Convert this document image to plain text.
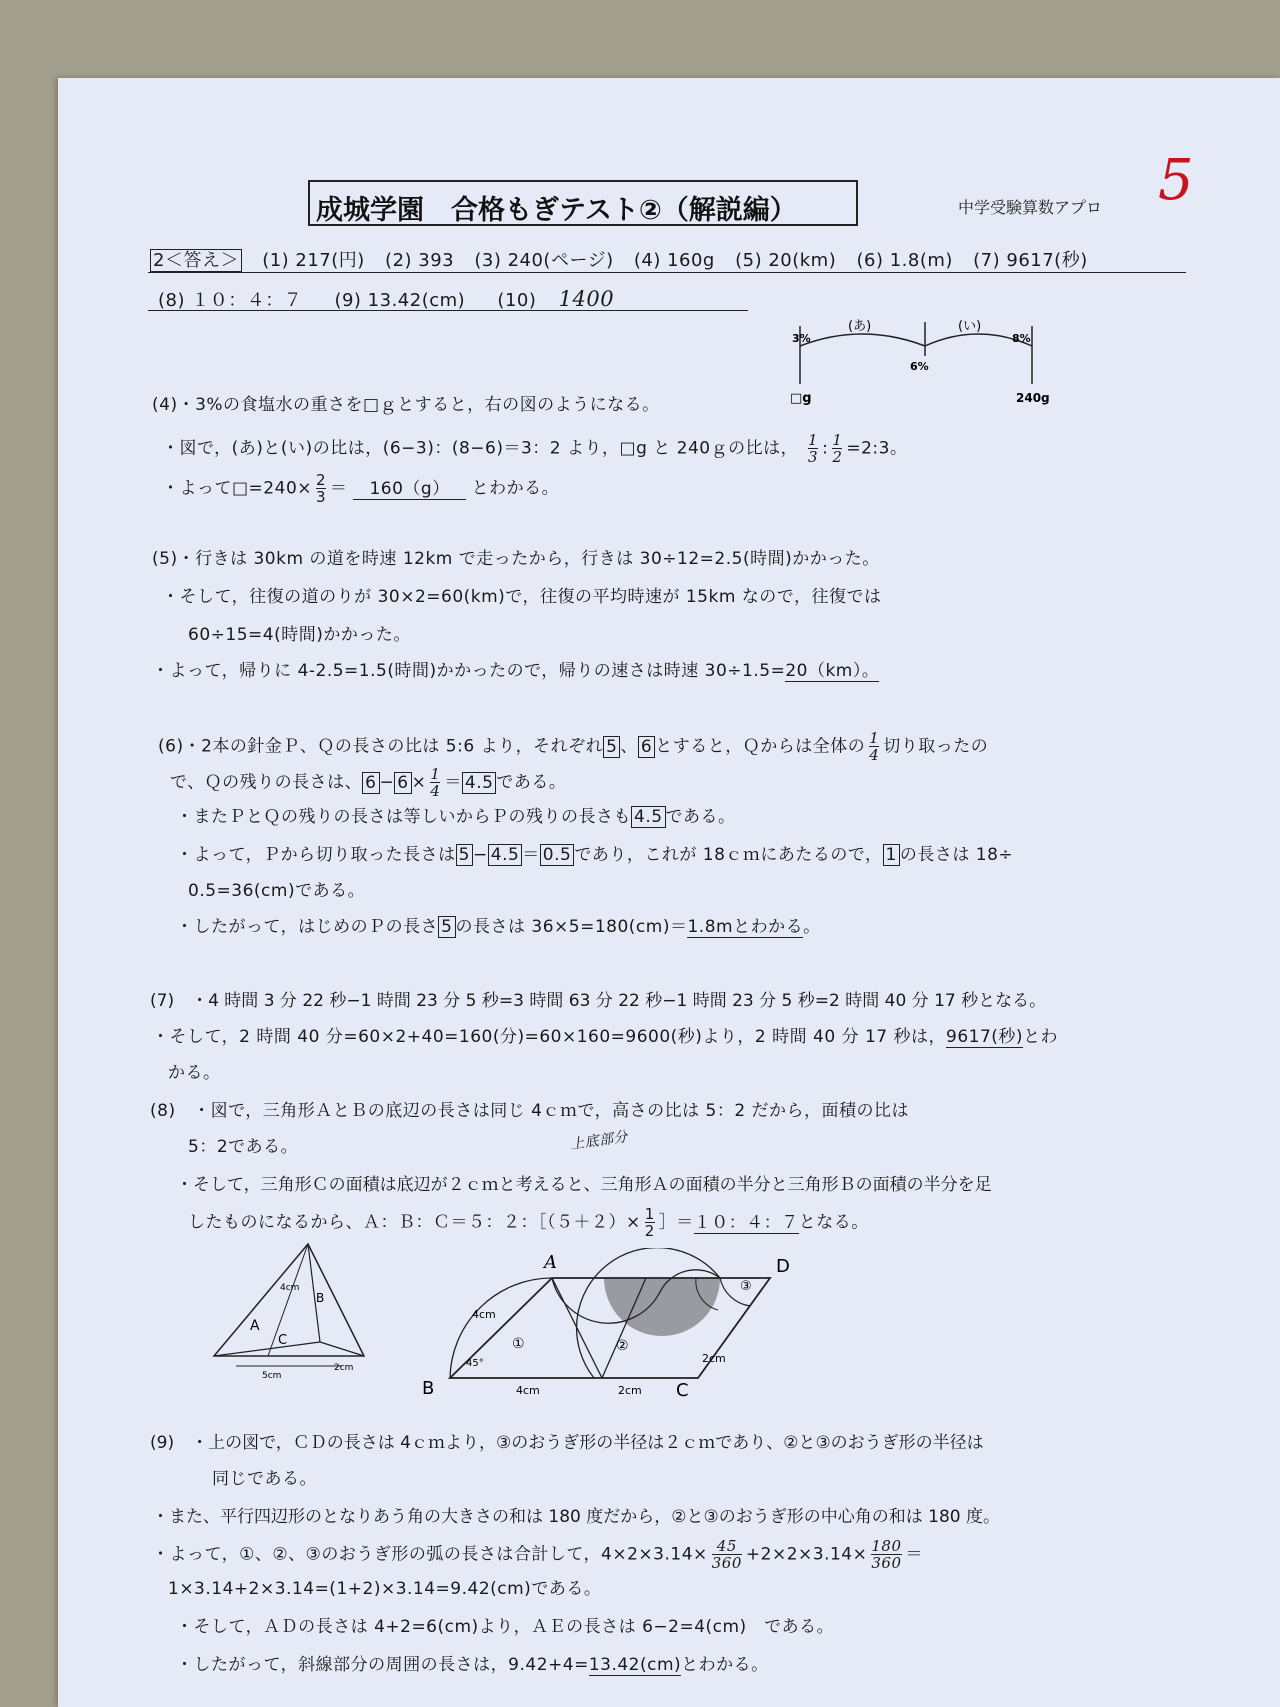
成城学園　合格もぎテスト②（解説編）	中学受験算数アプロ 5
2＜答え＞ (1) 217(円) (2) 393 (3) 240(ページ) (4) 160g (5) 20(km) (6) 1.8(m) (7) 9617(秒)
(8) １０：４：７ (9) 13.42(cm) (10) 1400
3%
6%
8%
(あ)	(い)
□g	240g
(4)・3%の食塩水の重さを□ｇとすると，右の図のようになる。
・図で，(あ)と(い)の比は，(6−3)：(8−6)＝3：2 より，□g と 240ｇの比は， $\frac{1}{3}$ : $\frac{1}{2}$ =2:3。
・よって□=240× $\frac{2}{3} = 160(g)$ とわかる。
(5)・行きは 30km の道を時速 12km で走ったから，行きは 30÷12=2.5(時間)かかった。
・そして，往復の道のりが 30×2=60(km)で，往復の平均時速が 15km なので，往復では
60÷15=4(時間)かかった。
・よって，帰りに 4-2.5=1.5(時間)かかったので，帰りの速さは時速 30÷1.5=20（km）。
(6)・2本の針金Ｐ、Ｑの長さの比は 5:6 より，それぞれ 5 、 6 とすると，Ｑからは全体の $\frac{1}{4}$ 切り取ったの
で、Ｑの残りの長さは、 $6 - 6 \times \frac{1}{4} = 4.5$ である。
・またＰとＱの残りの長さは等しいからＰの残りの長さも 4.5 である。
・よって，Ｐから切り取った長さは 5 − 4.5 ＝ 0.5 であり，これが 18ｃｍにあたるので， 1 の長さは 18÷
0.5=36(cm)である。
・したがって，はじめのＰの長さ 5 の長さは 36×5=180(cm)＝1.8mとわかる。
(7)　・4 時間 3 分 22 秒−1 時間 23 分 5 秒=3 時間 63 分 22 秒−1 時間 23 分 5 秒=2 時間 40 分 17 秒となる。
・そして，2 時間 40 分=60×2+40=160(分)=60×160=9600(秒)より，2 時間 40 分 17 秒は，9617(秒)とわ
かる。
(8)　・図で，三角形ＡとＢの底辺の長さは同じ 4ｃｍで，高さの比は 5：2 だから，面積の比は
5：2である。	上底部分
・そして，三角形Ｃの面積は底辺が２ｃｍと考えると、三角形Ａの面積の半分と三角形Ｂの面積の半分を足
したものになるから、Ａ：Ｂ：Ｃ＝５：２：［（５＋２）× $\frac{1}{2}$ ］＝１０：４：７となる。
A
B
C
4cm
5cm
2cm
A
B	C
D
4cm
2cm
4cm	2cm
45°
①	②
③
(9)　・上の図で，ＣＤの長さは 4ｃｍより，③のおうぎ形の半径は２ｃｍであり、②と③のおうぎ形の半径は
同じである。
・また、平行四辺形のとなりあう角の大きさの和は 180 度だから，②と③のおうぎ形の中心角の和は 180 度。
・よって，①、②、③のおうぎ形の弧の長さは合計して，$4\times 2\times 3.14\times \frac{45}{360} +2\times 2\times 3.14\times \frac{180}{360}$ ＝
1×3.14+2×3.14=(1+2)×3.14=9.42(cm)である。
・そして，ＡＤの長さは 4+2=6(cm)より，ＡＥの長さは 6−2=4(cm)　である。
・したがって，斜線部分の周囲の長さは，9.42+4=13.42(cm)とわかる。
